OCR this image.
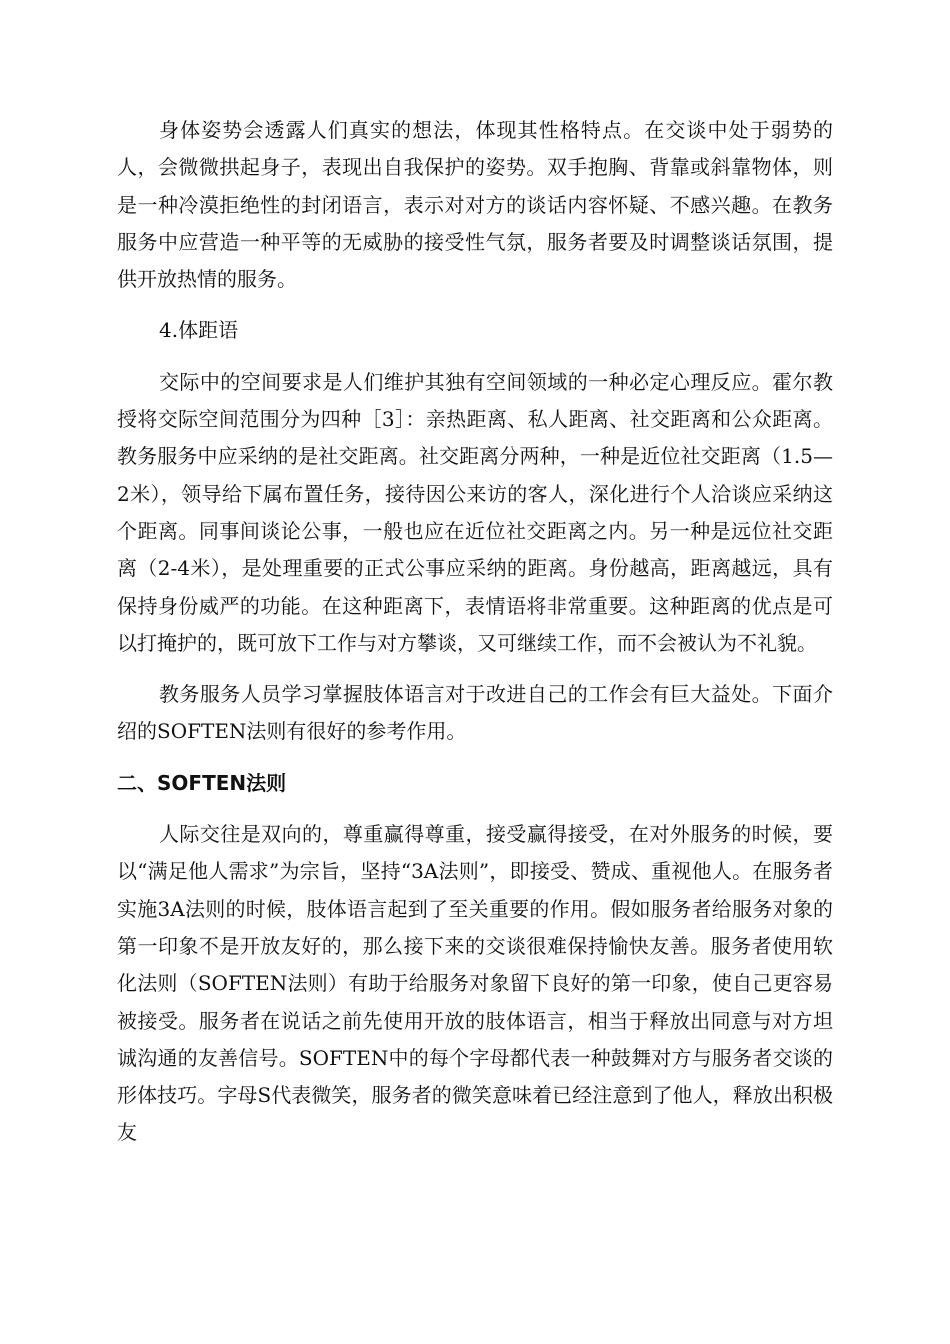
身体姿势会透露人们真实的想法，体现其性格特点。在交谈中处于弱势的人，会微微拱起身子，表现出自我保护的姿势。双手抱胸、背靠或斜靠物体，则是一种冷漠拒绝性的封闭语言，表示对对方的谈话内容怀疑、不感兴趣。在教务服务中应营造一种平等的无威胁的接受性气氛，服务者要及时调整谈话氛围，提供开放热情的服务。

4.体距语

交际中的空间要求是人们维护其独有空间领域的一种必定心理反应。霍尔教授将交际空间范围分为四种［3］：亲热距离、私人距离、社交距离和公众距离。教务服务中应采纳的是社交距离。社交距离分两种，一种是近位社交距离（1.5—2米），领导给下属布置任务，接待因公来访的客人，深化进行个人洽谈应采纳这个距离。同事间谈论公事，一般也应在近位社交距离之内。另一种是远位社交距离（2-4米），是处理重要的正式公事应采纳的距离。身份越高，距离越远，具有保持身份威严的功能。在这种距离下，表情语将非常重要。这种距离的优点是可以打掩护的，既可放下工作与对方攀谈，又可继续工作，而不会被认为不礼貌。

教务服务人员学习掌握肢体语言对于改进自己的工作会有巨大益处。下面介绍的SOFTEN法则有很好的参考作用。

二、SOFTEN法则

人际交往是双向的，尊重赢得尊重，接受赢得接受，在对外服务的时候，要以“满足他人需求”为宗旨，坚持“3A法则”，即接受、赞成、重视他人。在服务者实施3A法则的时候，肢体语言起到了至关重要的作用。假如服务者给服务对象的第一印象不是开放友好的，那么接下来的交谈很难保持愉快友善。服务者使用软化法则（SOFTEN法则）有助于给服务对象留下良好的第一印象，使自己更容易被接受。服务者在说话之前先使用开放的肢体语言，相当于释放出同意与对方坦诚沟通的友善信号。SOFTEN中的每个字母都代表一种鼓舞对方与服务者交谈的形体技巧。字母S代表微笑，服务者的微笑意味着已经注意到了他人，释放出积极友
